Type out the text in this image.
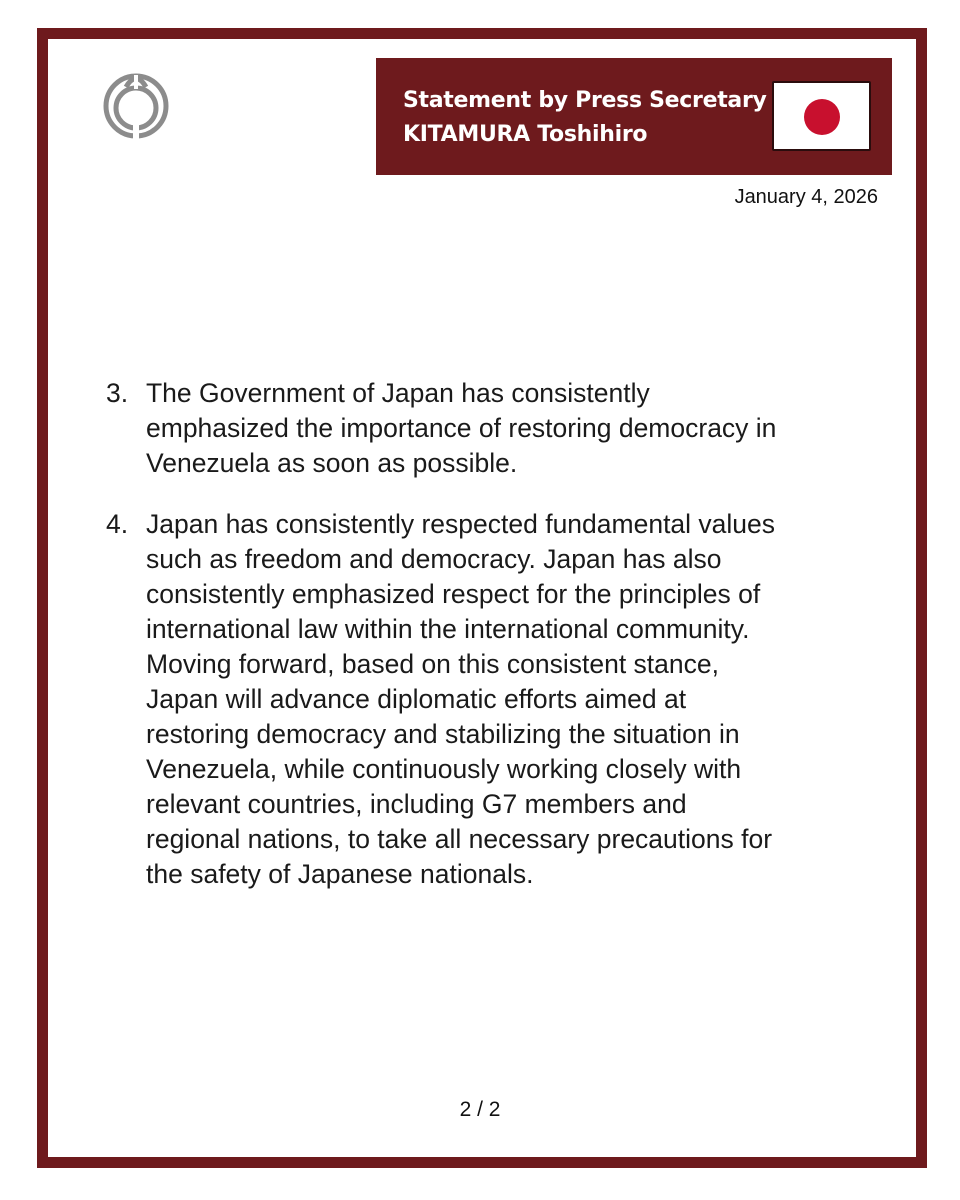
Statement by Press Secretary
KITAMURA Toshihiro
January 4, 2026
3. The Government of Japan has consistently
emphasized the importance of restoring democracy in
Venezuela as soon as possible.
4. Japan has consistently respected fundamental values
such as freedom and democracy. Japan has also
consistently emphasized respect for the principles of
international law within the international community.
Moving forward, based on this consistent stance,
Japan will advance diplomatic efforts aimed at
restoring democracy and stabilizing the situation in
Venezuela, while continuously working closely with
relevant countries, including G7 members and
regional nations, to take all necessary precautions for
the safety of Japanese nationals.
2 / 2
